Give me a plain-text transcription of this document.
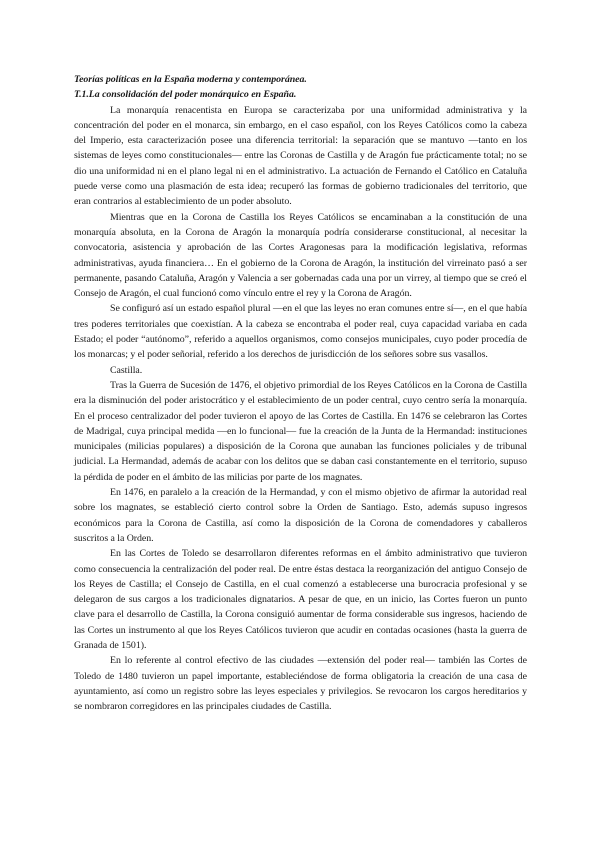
Teorías políticas en la España moderna y contemporánea.

T.1.La consolidación del poder monárquico en España.

La monarquía renacentista en Europa se caracterizaba por una uniformidad administrativa y la concentración del poder en el monarca, sin embargo, en el caso español, con los Reyes Católicos como la cabeza del Imperio, esta caracterización posee una diferencia territorial: la separación que se mantuvo —tanto en los sistemas de leyes como constitucionales— entre las Coronas de Castilla y de Aragón fue prácticamente total; no se dio una uniformidad ni en el plano legal ni en el administrativo. La actuación de Fernando el Católico en Cataluña puede verse como una plasmación de esta idea; recuperó las formas de gobierno tradicionales del territorio, que eran contrarios al establecimiento de un poder absoluto.

Mientras que en la Corona de Castilla los Reyes Católicos se encaminaban a la constitución de una monarquía absoluta, en la Corona de Aragón la monarquía podría considerarse constitucional, al necesitar la convocatoria, asistencia y aprobación de las Cortes Aragonesas para la modificación legislativa, reformas administrativas, ayuda financiera… En el gobierno de la Corona de Aragón, la institución del virreinato pasó a ser permanente, pasando Cataluña, Aragón y Valencia a ser gobernadas cada una por un virrey, al tiempo que se creó el Consejo de Aragón, el cual funcionó como vínculo entre el rey y la Corona de Aragón.

Se configuró así un estado español plural —en el que las leyes no eran comunes entre sí—, en el que había tres poderes territoriales que coexistían. A la cabeza se encontraba el poder real, cuya capacidad variaba en cada Estado; el poder “autónomo”, referido a aquellos organismos, como consejos municipales, cuyo poder procedía de los monarcas; y el poder señorial, referido a los derechos de jurisdicción de los señores sobre sus vasallos.

Castilla.

Tras la Guerra de Sucesión de 1476, el objetivo primordial de los Reyes Católicos en la Corona de Castilla era la disminución del poder aristocrático y el establecimiento de un poder central, cuyo centro sería la monarquía. En el proceso centralizador del poder tuvieron el apoyo de las Cortes de Castilla. En 1476 se celebraron las Cortes de Madrigal, cuya principal medida —en lo funcional— fue la creación de la Junta de la Hermandad: instituciones municipales (milicias populares) a disposición de la Corona que aunaban las funciones policiales y de tribunal judicial. La Hermandad, además de acabar con los delitos que se daban casi constantemente en el territorio, supuso la pérdida de poder en el ámbito de las milicias por parte de los magnates.

En 1476, en paralelo a la creación de la Hermandad, y con el mismo objetivo de afirmar la autoridad real sobre los magnates, se estableció cierto control sobre la Orden de Santiago. Esto, además supuso ingresos económicos para la Corona de Castilla, así como la disposición de la Corona de comendadores y caballeros suscritos a la Orden.

En las Cortes de Toledo se desarrollaron diferentes reformas en el ámbito administrativo que tuvieron como consecuencia la centralización del poder real. De entre éstas destaca la reorganización del antiguo Consejo de los Reyes de Castilla; el Consejo de Castilla, en el cual comenzó a establecerse una burocracia profesional y se delegaron de sus cargos a los tradicionales dignatarios. A pesar de que, en un inicio, las Cortes fueron un punto clave para el desarrollo de Castilla, la Corona consiguió aumentar de forma considerable sus ingresos, haciendo de las Cortes un instrumento al que los Reyes Católicos tuvieron que acudir en contadas ocasiones (hasta la guerra de Granada de 1501).

En lo referente al control efectivo de las ciudades —extensión del poder real— también las Cortes de Toledo de 1480 tuvieron un papel importante, estableciéndose de forma obligatoria la creación de una casa de ayuntamiento, así como un registro sobre las leyes especiales y privilegios. Se revocaron los cargos hereditarios y se nombraron corregidores en las principales ciudades de Castilla.
